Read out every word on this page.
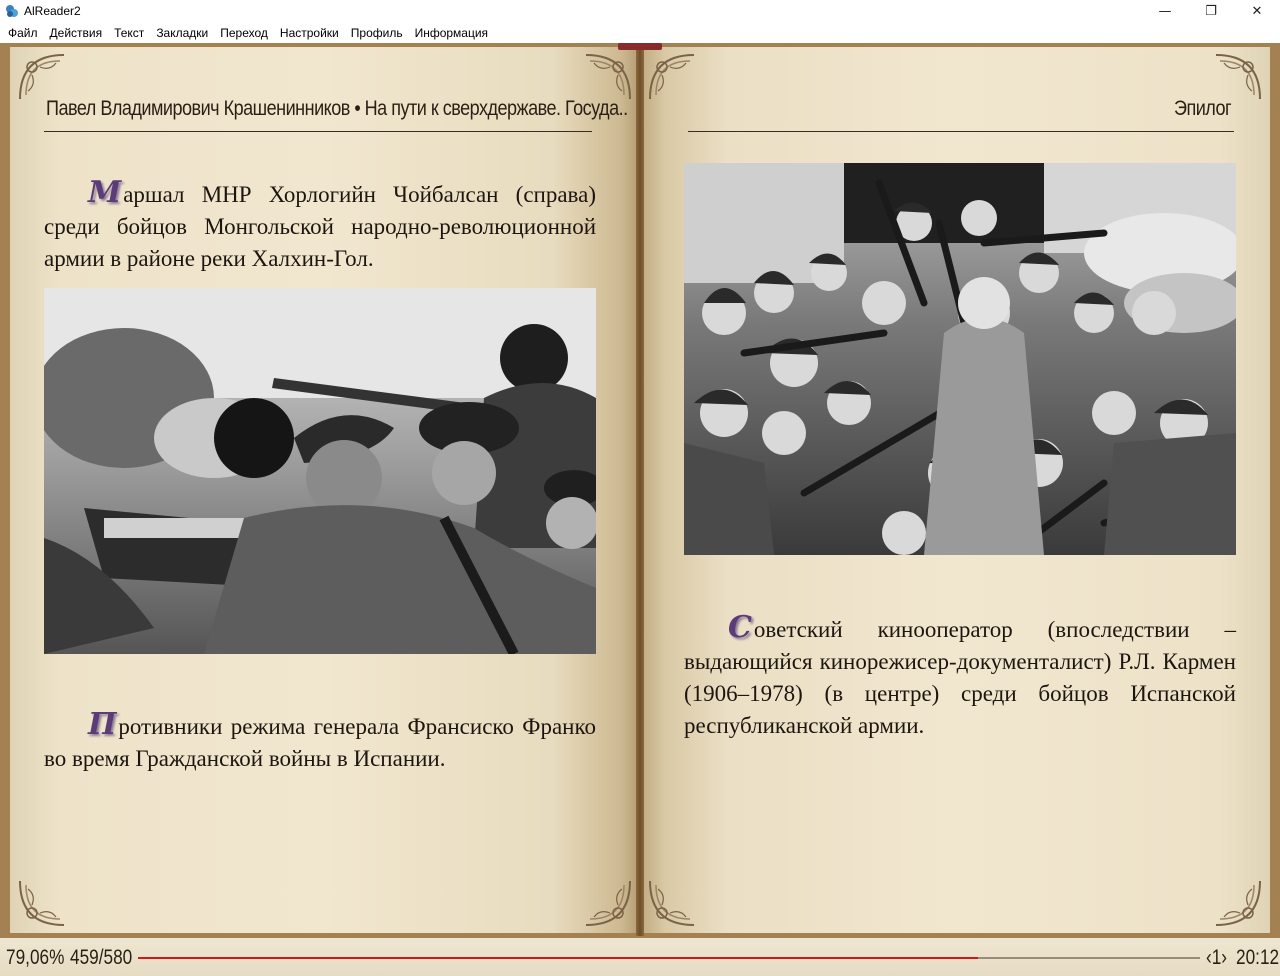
AlReader2	—	❐	✕
Файл	Действия	Текст	Закладки	Переход	Настройки	Профиль	Информация
Павел Владимирович Крашенинников • На пути к сверхдержаве. Госуда..
Маршал МНР Хорлогийн Чойбалсан (справа) среди бойцов Монгольской народно-революционной армии в районе реки Халхин-Гол.
Противники режима генерала Франсиско Франко во время Гражданской войны в Испании.
Эпилог
Советский кинооператор (впоследствии – выдающийся кинорежисер-документалист) Р.Л. Кармен (1906–1978) (в центре) среди бойцов Испанской республиканской армии.
79,06% 459/580	‹1› 20:12
